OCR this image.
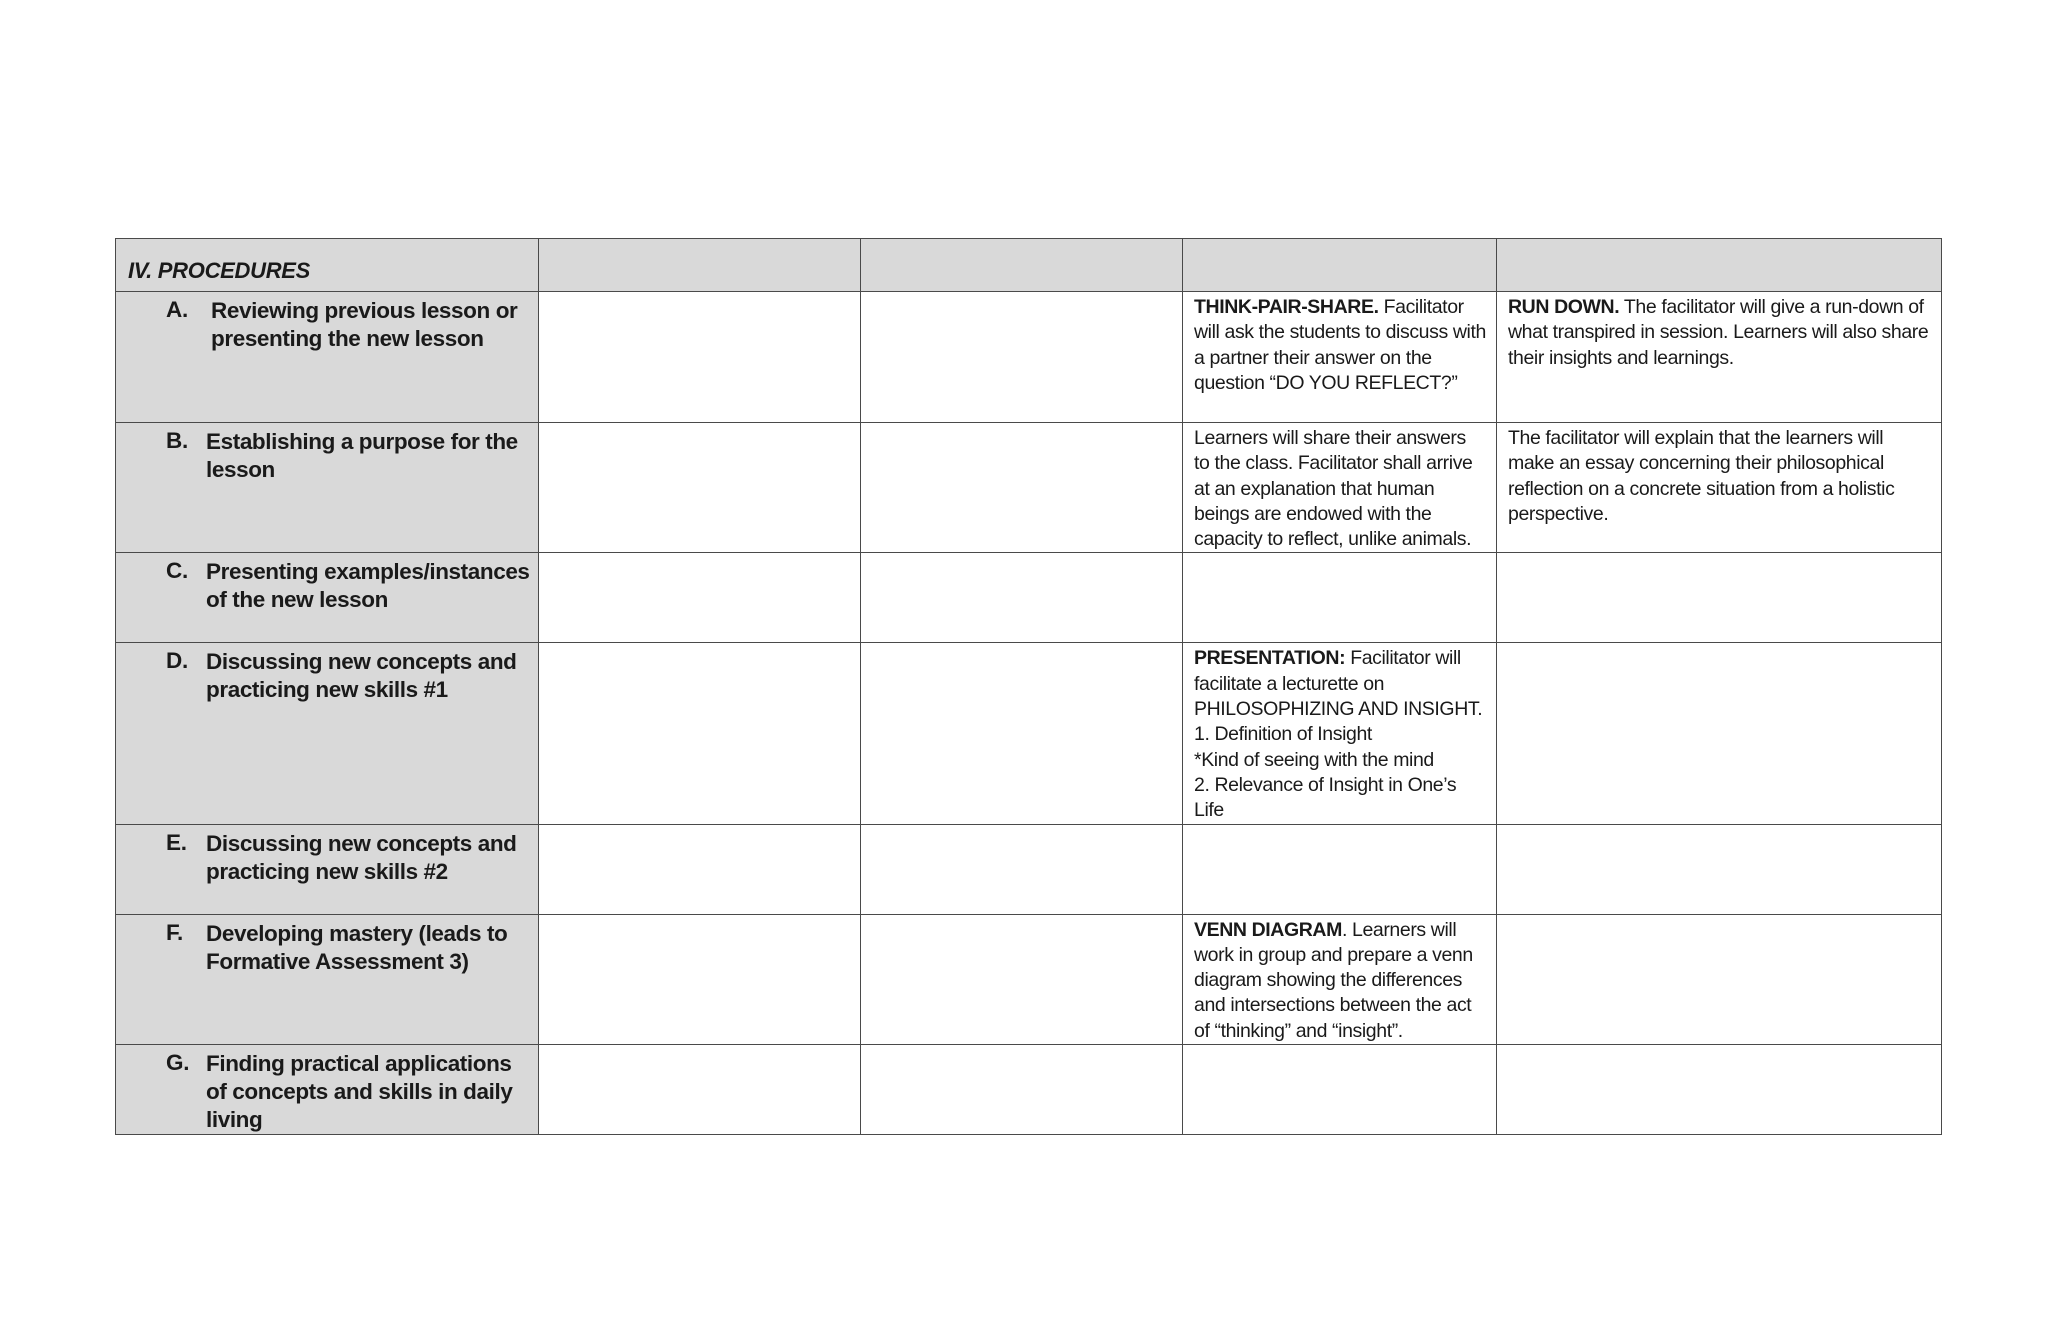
IV. PROCEDURES				

A. Reviewing previous lesson or presenting the new lesson			THINK-PAIR-SHARE. Facilitator will ask the students to discuss with a partner their answer on the question “DO YOU REFLECT?”	RUN DOWN. The facilitator will give a run-down of what transpired in session. Learners will also share their insights and learnings.

B. Establishing a purpose for the lesson			Learners will share their answers to the class. Facilitator shall arrive at an explanation that human beings are endowed with the capacity to reflect, unlike animals.	The facilitator will explain that the learners will make an essay concerning their philosophical reflection on a concrete situation from a holistic perspective.

C. Presenting examples/instances of the new lesson				

D. Discussing new concepts and practicing new skills #1			PRESENTATION: Facilitator will facilitate a lecturette on PHILOSOPHIZING AND INSIGHT.
1. Definition of Insight
*Kind of seeing with the mind
2. Relevance of Insight in One’s Life	

E. Discussing new concepts and practicing new skills #2				

F. Developing mastery (leads to Formative Assessment 3)			VENN DIAGRAM. Learners will work in group and prepare a venn diagram showing the differences and intersections between the act of “thinking” and “insight”.	

G. Finding practical applications of concepts and skills in daily living				
